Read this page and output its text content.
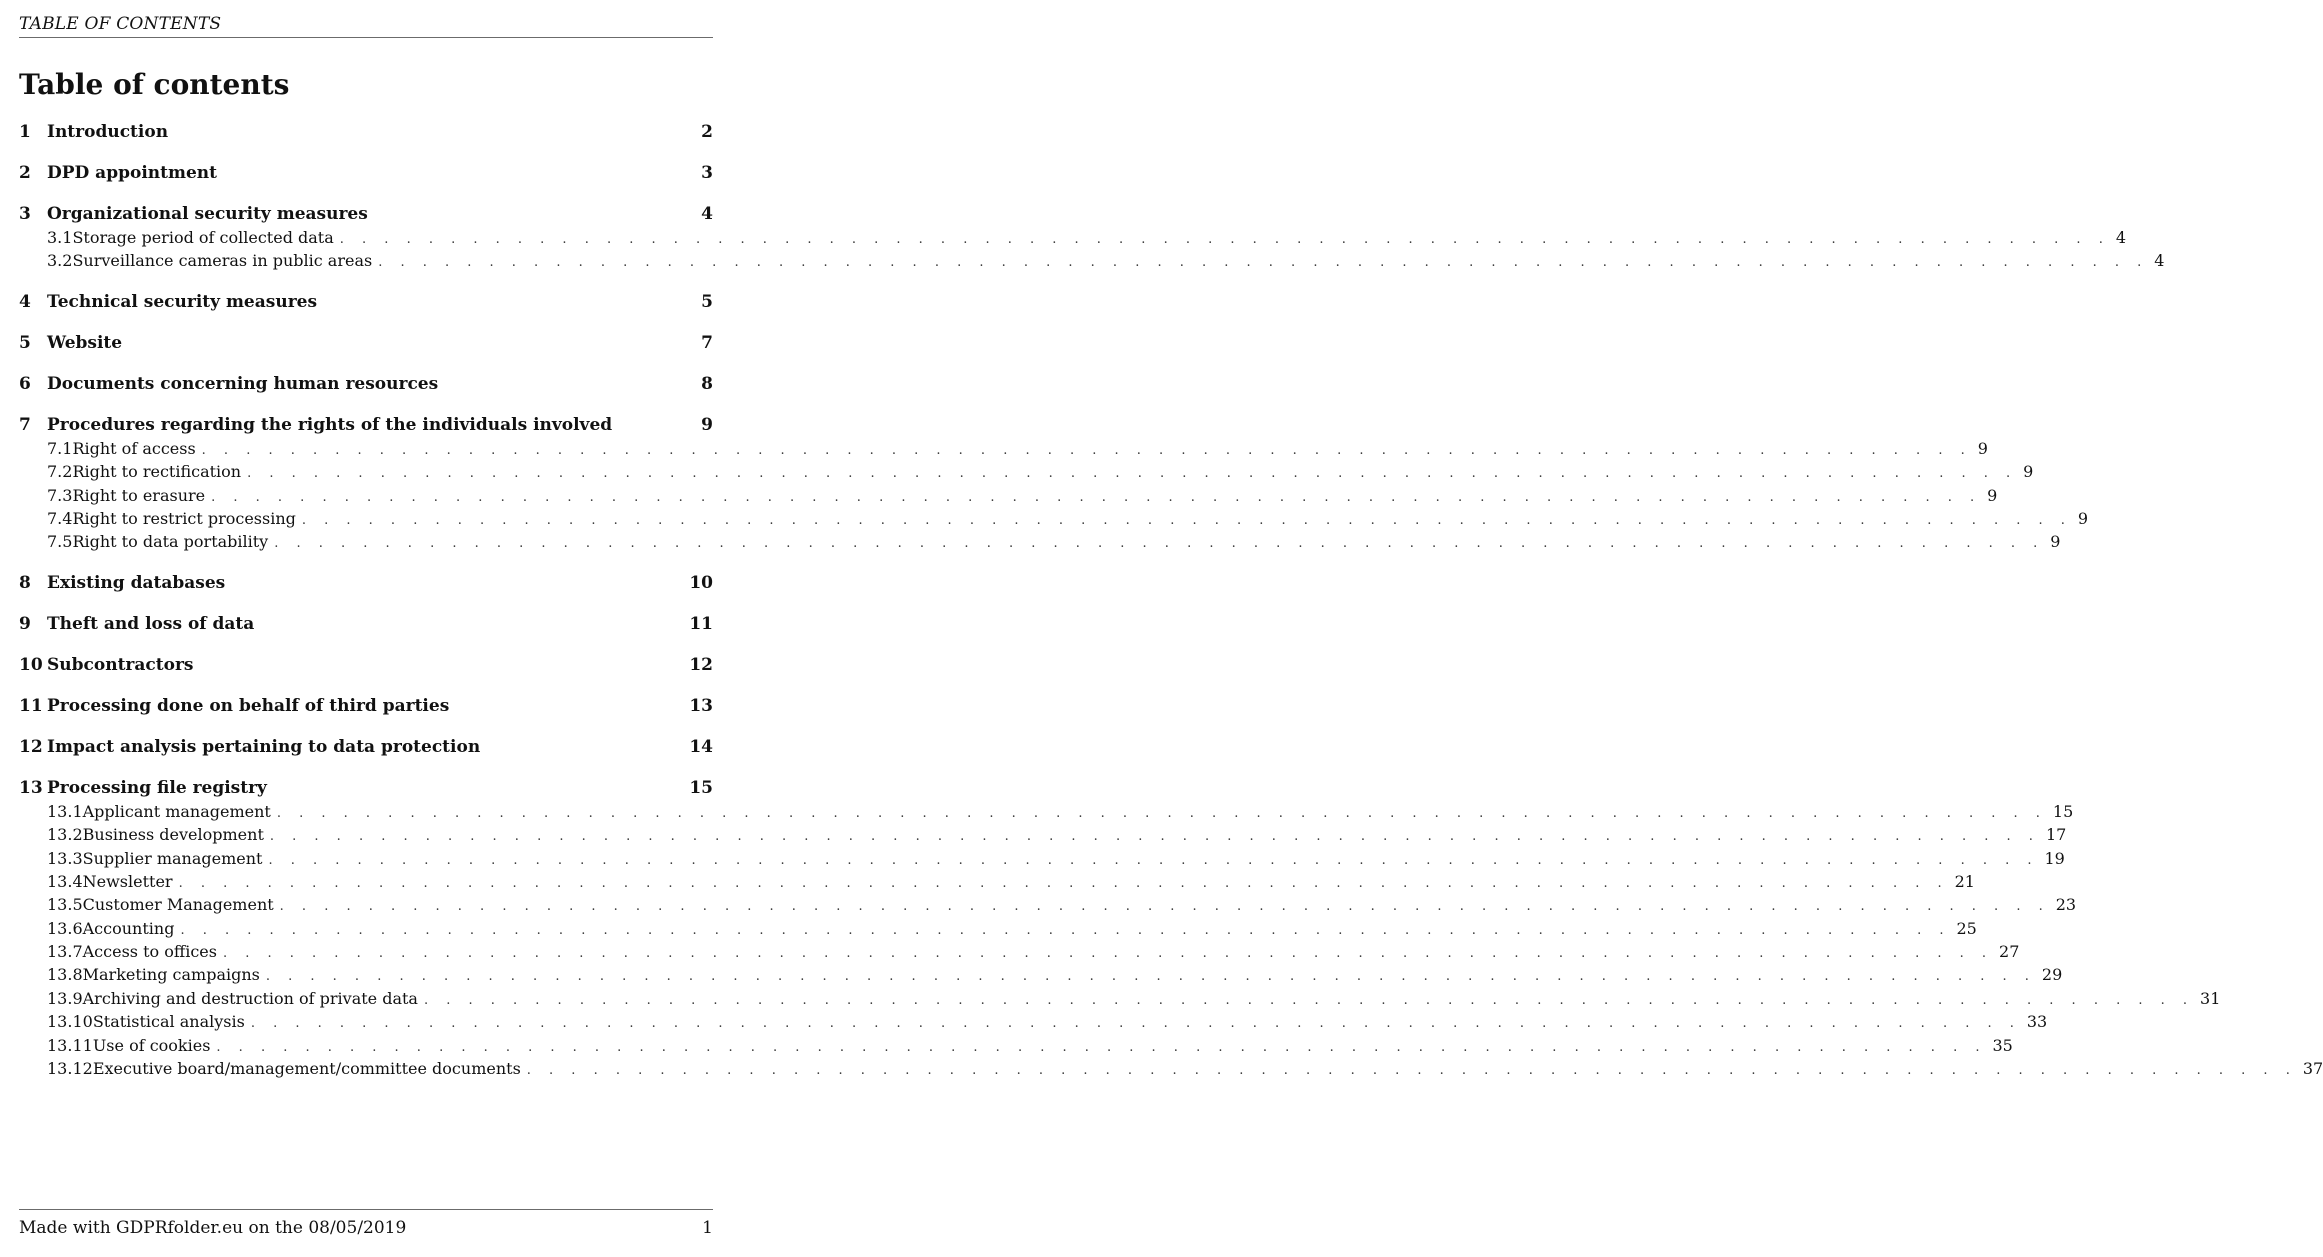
TABLE OF CONTENTS
Table of contents
1 Introduction	2
2 DPD appointment	3
3 Organizational security measures	4
3.1 Storage period of collected data . . . . . . . . . . . . . . . . . . . . . . . . . . . . . . . . . . . . . . . . . . . . . . . . . . . . . . . . . . . . . . . . . . . . . . . . . . . . . . . . 4
3.2 Surveillance cameras in public areas . . . . . . . . . . . . . . . . . . . . . . . . . . . . . . . . . . . . . . . . . . . . . . . . . . . . . . . . . . . . . . . . . . . . . . . . . . . . . . . . 4
4 Technical security measures	5
5 Website	7
6 Documents concerning human resources	8
7 Procedures regarding the rights of the individuals involved	9
7.1 Right of access . . . . . . . . . . . . . . . . . . . . . . . . . . . . . . . . . . . . . . . . . . . . . . . . . . . . . . . . . . . . . . . . . . . . . . . . . . . . . . . . 9
7.2 Right to rectification . . . . . . . . . . . . . . . . . . . . . . . . . . . . . . . . . . . . . . . . . . . . . . . . . . . . . . . . . . . . . . . . . . . . . . . . . . . . . . . . 9
7.3 Right to erasure . . . . . . . . . . . . . . . . . . . . . . . . . . . . . . . . . . . . . . . . . . . . . . . . . . . . . . . . . . . . . . . . . . . . . . . . . . . . . . . . 9
7.4 Right to restrict processing . . . . . . . . . . . . . . . . . . . . . . . . . . . . . . . . . . . . . . . . . . . . . . . . . . . . . . . . . . . . . . . . . . . . . . . . . . . . . . . . 9
7.5 Right to data portability . . . . . . . . . . . . . . . . . . . . . . . . . . . . . . . . . . . . . . . . . . . . . . . . . . . . . . . . . . . . . . . . . . . . . . . . . . . . . . . . 9
8 Existing databases	10
9 Theft and loss of data	11
10 Subcontractors	12
11 Processing done on behalf of third parties	13
12 Impact analysis pertaining to data protection	14
13 Processing file registry	15
13.1 Applicant management . . . . . . . . . . . . . . . . . . . . . . . . . . . . . . . . . . . . . . . . . . . . . . . . . . . . . . . . . . . . . . . . . . . . . . . . . . . . . . . . 15
13.2 Business development . . . . . . . . . . . . . . . . . . . . . . . . . . . . . . . . . . . . . . . . . . . . . . . . . . . . . . . . . . . . . . . . . . . . . . . . . . . . . . . . 17
13.3 Supplier management . . . . . . . . . . . . . . . . . . . . . . . . . . . . . . . . . . . . . . . . . . . . . . . . . . . . . . . . . . . . . . . . . . . . . . . . . . . . . . . . 19
13.4 Newsletter . . . . . . . . . . . . . . . . . . . . . . . . . . . . . . . . . . . . . . . . . . . . . . . . . . . . . . . . . . . . . . . . . . . . . . . . . . . . . . . . 21
13.5 Customer Management . . . . . . . . . . . . . . . . . . . . . . . . . . . . . . . . . . . . . . . . . . . . . . . . . . . . . . . . . . . . . . . . . . . . . . . . . . . . . . . . 23
13.6 Accounting . . . . . . . . . . . . . . . . . . . . . . . . . . . . . . . . . . . . . . . . . . . . . . . . . . . . . . . . . . . . . . . . . . . . . . . . . . . . . . . . 25
13.7 Access to offices . . . . . . . . . . . . . . . . . . . . . . . . . . . . . . . . . . . . . . . . . . . . . . . . . . . . . . . . . . . . . . . . . . . . . . . . . . . . . . . . 27
13.8 Marketing campaigns . . . . . . . . . . . . . . . . . . . . . . . . . . . . . . . . . . . . . . . . . . . . . . . . . . . . . . . . . . . . . . . . . . . . . . . . . . . . . . . . 29
13.9 Archiving and destruction of private data . . . . . . . . . . . . . . . . . . . . . . . . . . . . . . . . . . . . . . . . . . . . . . . . . . . . . . . . . . . . . . . . . . . . . . . . . . . . . . . . 31
13.10 Statistical analysis . . . . . . . . . . . . . . . . . . . . . . . . . . . . . . . . . . . . . . . . . . . . . . . . . . . . . . . . . . . . . . . . . . . . . . . . . . . . . . . . 33
13.11 Use of cookies . . . . . . . . . . . . . . . . . . . . . . . . . . . . . . . . . . . . . . . . . . . . . . . . . . . . . . . . . . . . . . . . . . . . . . . . . . . . . . . . 35
13.12 Executive board/management/committee documents . . . . . . . . . . . . . . . . . . . . . . . . . . . . . . . . . . . . . . . . . . . . . . . . . . . . . . . . . . . . . . . . . . . . . . . . . . . . . . . . 37
Made with GDPRfolder.eu on the 08/05/2019	1
